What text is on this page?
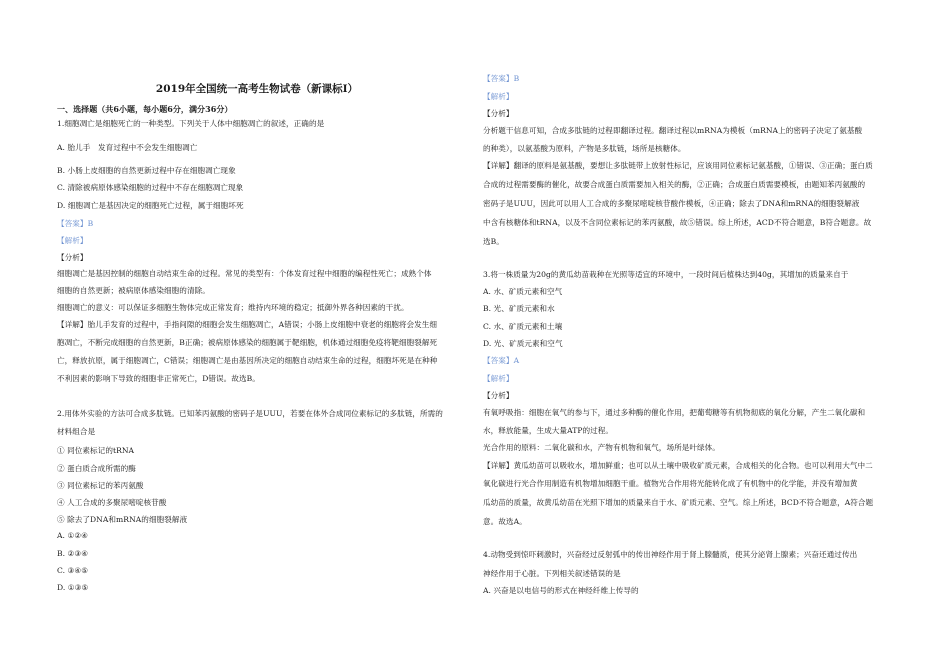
2019年全国统一高考生物试卷（新课标Ⅰ）
一、选择题（共6小题，每小题6分，满分36分）
1.细胞凋亡是细胞死亡的一种类型。下列关于人体中细胞凋亡的叙述，正确的是
A. 胎儿手　发育过程中不会发生细胞凋亡
B. 小肠上皮细胞的自然更新过程中存在细胞凋亡现象
C. 清除被病原体感染细胞的过程中不存在细胞凋亡现象
D. 细胞凋亡是基因决定的细胞死亡过程，属于细胞坏死
【答案】B
【解析】
【分析】
细胞凋亡是基因控制的细胞自动结束生命的过程。常见的类型有：个体发育过程中细胞的编程性死亡；成熟个体
细胞的自然更新；被病原体感染细胞的清除。
细胞凋亡的意义：可以保证多细胞生物体完成正常发育；维持内环境的稳定；抵御外界各种因素的干扰。
【详解】胎儿手发育的过程中，手指间隙的细胞会发生细胞凋亡，A错误；小肠上皮细胞中衰老的细胞将会发生细
胞凋亡，不断完成细胞的自然更新，B正确；被病原体感染的细胞属于靶细胞，机体通过细胞免疫将靶细胞裂解死
亡，释放抗原，属于细胞凋亡，C错误；细胞凋亡是由基因所决定的细胞自动结束生命的过程，细胞坏死是在种种
不利因素的影响下导致的细胞非正常死亡，D错误。故选B。
2.用体外实验的方法可合成多肽链。已知苯丙氨酸的密码子是UUU，若要在体外合成同位素标记的多肽链，所需的
材料组合是
① 同位素标记的tRNA
② 蛋白质合成所需的酶
③ 同位素标记的苯丙氨酸
④ 人工合成的多聚尿嘧啶核苷酸
⑤ 除去了DNA和mRNA的细胞裂解液
A. ①②④
B. ②③④
C. ③④⑤
D. ①③⑤
【答案】B
【解析】
【分析】
分析题干信息可知，合成多肽链的过程即翻译过程。翻译过程以mRNA为模板（mRNA上的密码子决定了氨基酸
的种类），以氨基酸为原料，产物是多肽链，场所是核糖体。
【详解】翻译的原料是氨基酸，要想让多肽链带上放射性标记，应该用同位素标记氨基酸，①错误、③正确；蛋白质
合成的过程需要酶的催化，故要合成蛋白质需要加入相关的酶，②正确；合成蛋白质需要模板，由题知苯丙氨酸的
密码子是UUU，因此可以用人工合成的多聚尿嘧啶核苷酸作模板，④正确；除去了DNA和mRNA的细胞裂解液
中含有核糖体和tRNA，以及不含同位素标记的苯丙氨酸，故⑤错误。综上所述，ACD不符合题意，B符合题意。故
选B。
3.将一株质量为20g的黄瓜幼苗栽种在光照等适宜的环境中，一段时间后植株达到40g，其增加的质量来自于
A. 水、矿质元素和空气
B. 光、矿质元素和水
C. 水、矿质元素和土壤
D. 光、矿质元素和空气
【答案】A
【解析】
【分析】
有氧呼吸指：细胞在氧气的参与下，通过多种酶的催化作用，把葡萄糖等有机物彻底的氧化分解，产生二氧化碳和
水，释放能量，生成大量ATP的过程。
光合作用的原料：二氧化碳和水，产物有机物和氧气，场所是叶绿体。
【详解】黄瓜幼苗可以吸收水，增加鲜重；也可以从土壤中吸收矿质元素，合成相关的化合物。也可以利用大气中二
氧化碳进行光合作用制造有机物增加细胞干重。植物光合作用将光能转化成了有机物中的化学能，并没有增加黄
瓜幼苗的质量，故黄瓜幼苗在光照下增加的质量来自于水、矿质元素、空气。综上所述，BCD不符合题意，A符合题
意。故选A。
4.动物受到惊吓刺激时，兴奋经过反射弧中的传出神经作用于肾上腺髓质，使其分泌肾上腺素；兴奋还通过传出
神经作用于心脏。下列相关叙述错误的是
A. 兴奋是以电信号的形式在神经纤维上传导的
